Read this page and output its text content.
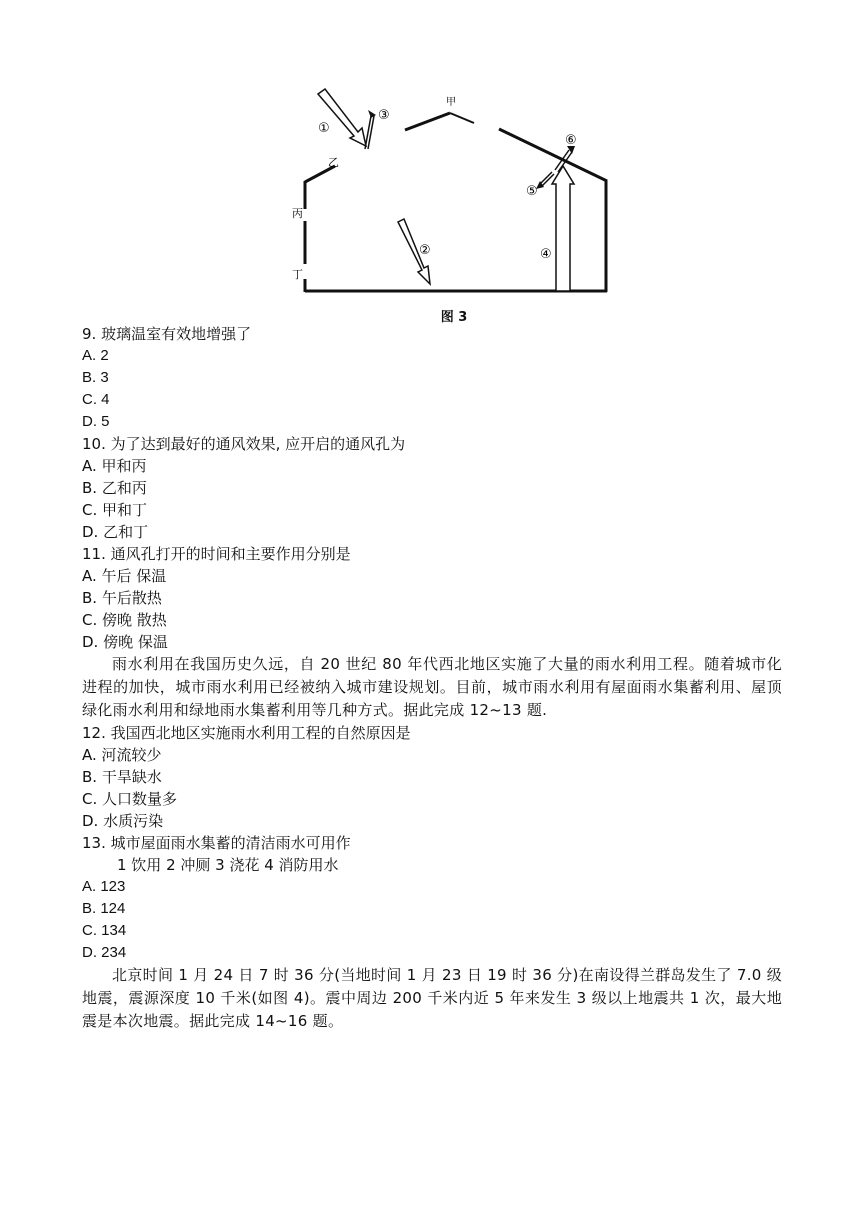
甲
乙
丙
丁
①
③
②	④
⑤
⑥
图 3
9. 玻璃温室有效地增强了
A. 2
B. 3
C. 4
D. 5
10. 为了达到最好的通风效果, 应开启的通风孔为
A. 甲和丙
B. 乙和丙
C. 甲和丁
D. 乙和丁
11. 通风孔打开的时间和主要作用分别是
A. 午后 保温
B. 午后散热
C. 傍晚 散热
D. 傍晚 保温

雨水利用在我国历史久远，自 20 世纪 80 年代西北地区实施了大量的雨水利用工程。随着城市化进程的加快，城市雨水利用已经被纳入城市建设规划。目前，城市雨水利用有屋面雨水集蓄利用、屋顶绿化雨水利用和绿地雨水集蓄利用等几种方式。据此完成 12~13 题.

12. 我国西北地区实施雨水利用工程的自然原因是
A. 河流较少
B. 干旱缺水
C. 人口数量多
D. 水质污染
13. 城市屋面雨水集蓄的清洁雨水可用作
1 饮用 2 冲厕 3 浇花 4 消防用水
A. 123
B. 124
C. 134
D. 234

北京时间 1 月 24 日 7 时 36 分(当地时间 1 月 23 日 19 时 36 分)在南设得兰群岛发生了 7.0 级地震，震源深度 10 千米(如图 4)。震中周边 200 千米内近 5 年来发生 3 级以上地震共 1 次，最大地震是本次地震。据此完成 14~16 题。
